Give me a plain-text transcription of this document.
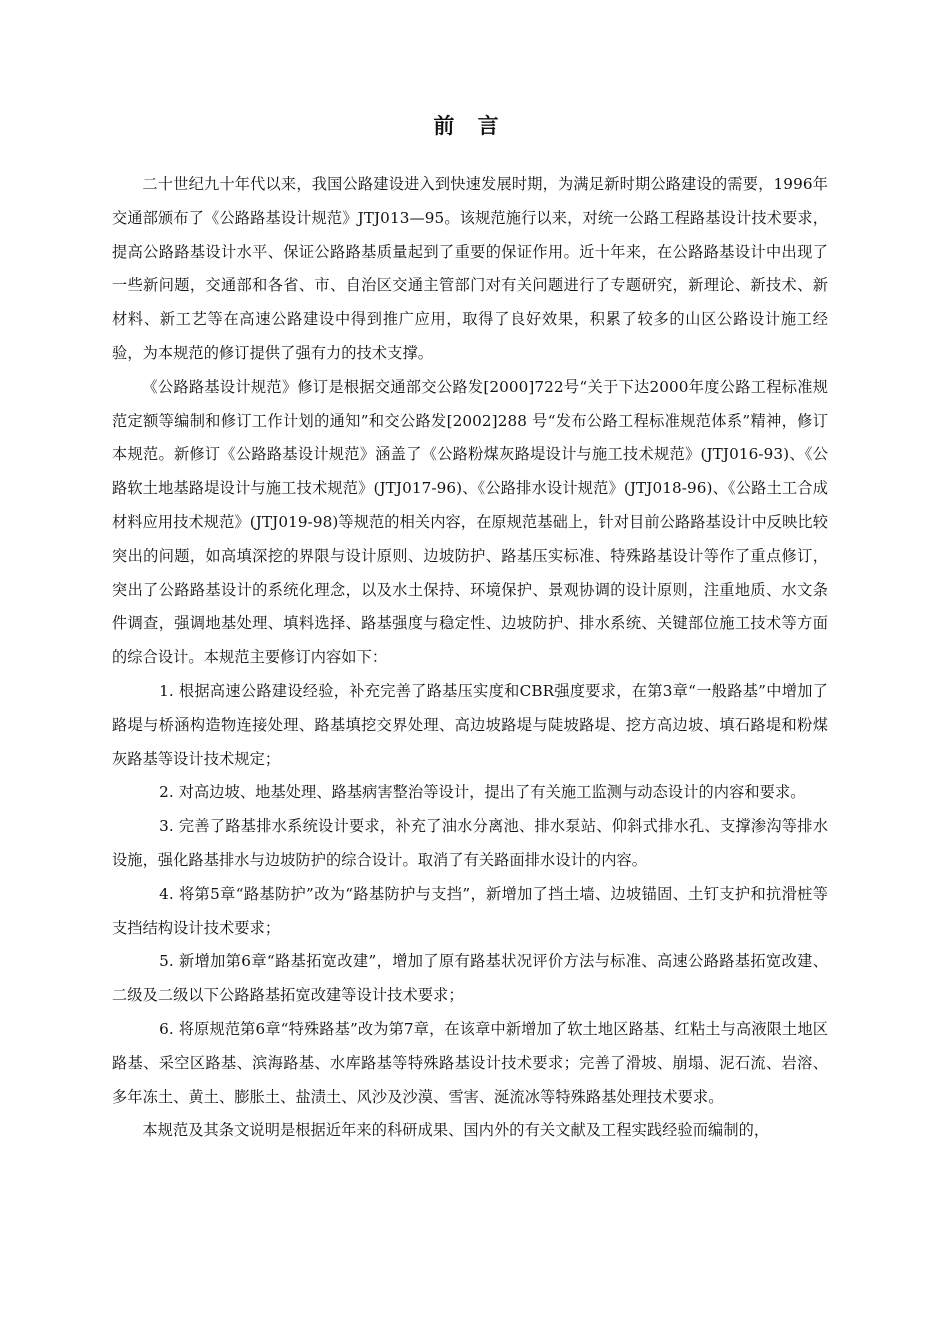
前 言

二十世纪九十年代以来，我国公路建设进入到快速发展时期，为满足新时期公路建设的需要，1996年交通部颁布了《公路路基设计规范》JTJ013—95。该规范施行以来，对统一公路工程路基设计技术要求，提高公路路基设计水平、保证公路路基质量起到了重要的保证作用。近十年来，在公路路基设计中出现了一些新问题，交通部和各省、市、自治区交通主管部门对有关问题进行了专题研究，新理论、新技术、新材料、新工艺等在高速公路建设中得到推广应用，取得了良好效果，积累了较多的山区公路设计施工经验，为本规范的修订提供了强有力的技术支撑。

《公路路基设计规范》修订是根据交通部交公路发[2000]722号“关于下达2000年度公路工程标准规范定额等编制和修订工作计划的通知”和交公路发[2002]288 号“发布公路工程标准规范体系”精神，修订本规范。新修订《公路路基设计规范》涵盖了《公路粉煤灰路堤设计与施工技术规范》(JTJ016-93)、《公路软土地基路堤设计与施工技术规范》(JTJ017-96)、《公路排水设计规范》(JTJ018-96)、《公路土工合成材料应用技术规范》(JTJ019-98)等规范的相关内容，在原规范基础上，针对目前公路路基设计中反映比较突出的问题，如高填深挖的界限与设计原则、边坡防护、路基压实标准、特殊路基设计等作了重点修订，突出了公路路基设计的系统化理念，以及水土保持、环境保护、景观协调的设计原则，注重地质、水文条件调查，强调地基处理、填料选择、路基强度与稳定性、边坡防护、排水系统、关键部位施工技术等方面的综合设计。本规范主要修订内容如下：

1. 根据高速公路建设经验，补充完善了路基压实度和CBR强度要求，在第3章“一般路基”中增加了路堤与桥涵构造物连接处理、路基填挖交界处理、高边坡路堤与陡坡路堤、挖方高边坡、填石路堤和粉煤灰路基等设计技术规定；

2. 对高边坡、地基处理、路基病害整治等设计，提出了有关施工监测与动态设计的内容和要求。

3. 完善了路基排水系统设计要求，补充了油水分离池、排水泵站、仰斜式排水孔、支撑渗沟等排水设施，强化路基排水与边坡防护的综合设计。取消了有关路面排水设计的内容。

4. 将第5章“路基防护”改为“路基防护与支挡”，新增加了挡土墙、边坡锚固、土钉支护和抗滑桩等支挡结构设计技术要求；

5. 新增加第6章“路基拓宽改建”，增加了原有路基状况评价方法与标准、高速公路路基拓宽改建、二级及二级以下公路路基拓宽改建等设计技术要求；

6. 将原规范第6章“特殊路基”改为第7章，在该章中新增加了软土地区路基、红粘土与高液限土地区路基、采空区路基、滨海路基、水库路基等特殊路基设计技术要求；完善了滑坡、崩塌、泥石流、岩溶、多年冻土、黄土、膨胀土、盐渍土、风沙及沙漠、雪害、涎流冰等特殊路基处理技术要求。

本规范及其条文说明是根据近年来的科研成果、国内外的有关文献及工程实践经验而编制的，
